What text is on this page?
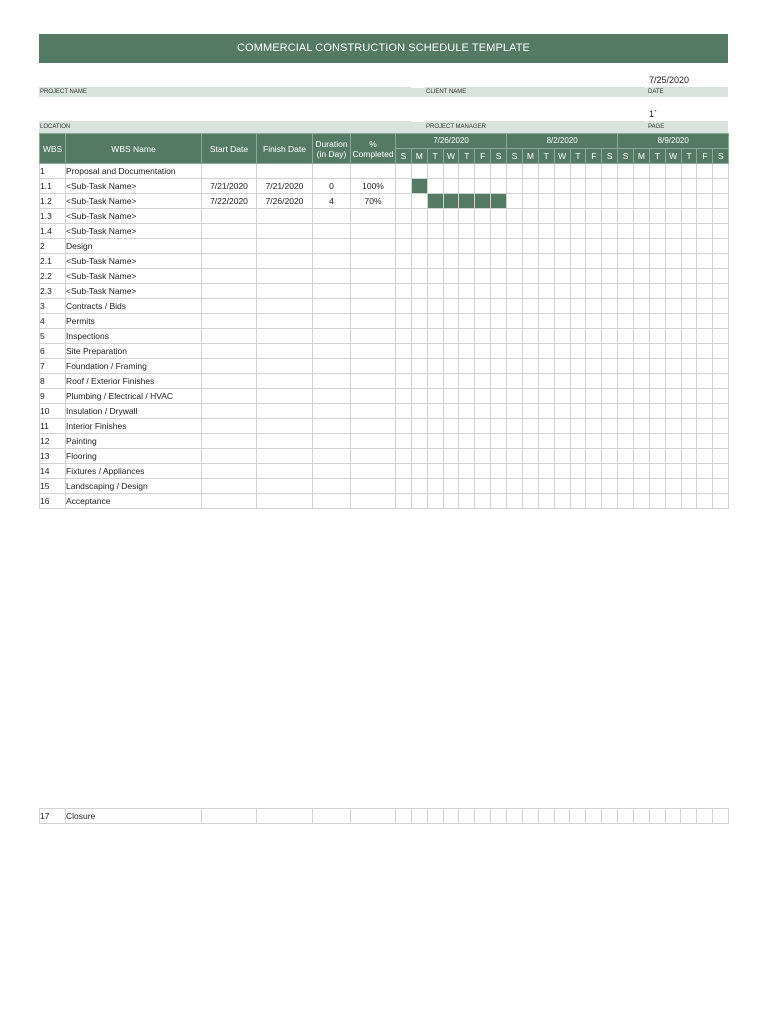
COMMERCIAL CONSTRUCTION SCHEDULE TEMPLATE
PROJECT NAME	CLIENT NAME
7/25/2020
DATE
LOCATION	PROJECT MANAGER
1`
PAGE
WBS	WBS Name	Start Date	Finish Date	Duration (in Day)	% Completed	7/26/2020							8/2/2020							8/9/2020						
						S	M	T	W	T	F	S	S	M	T	W	T	F	S	S	M	T	W	T	F	S
1	Proposal and Documentation																									
1.1	<Sub-Task Name>	7/21/2020	7/21/2020	0	100%																					
1.2	<Sub-Task Name>	7/22/2020	7/26/2020	4	70%																					
1.3	<Sub-Task Name>																									
1.4	<Sub-Task Name>																									
2	Design																									
2.1	<Sub-Task Name>																									
2.2	<Sub-Task Name>																									
2.3	<Sub-Task Name>																									
3	Contracts / Bids																									
4	Permits																									
5	Inspections																									
6	Site Preparation																									
7	Foundation / Framing																									
8	Roof / Exterior Finishes																									
9	Plumbing / Electrical / HVAC																									
10	Insulation / Drywall																									
11	Interior Finishes																									
12	Painting																									
13	Flooring																									
14	Fixtures / Appliances																									
15	Landscaping / Design																									
16	Acceptance																									
17	Closure																									
